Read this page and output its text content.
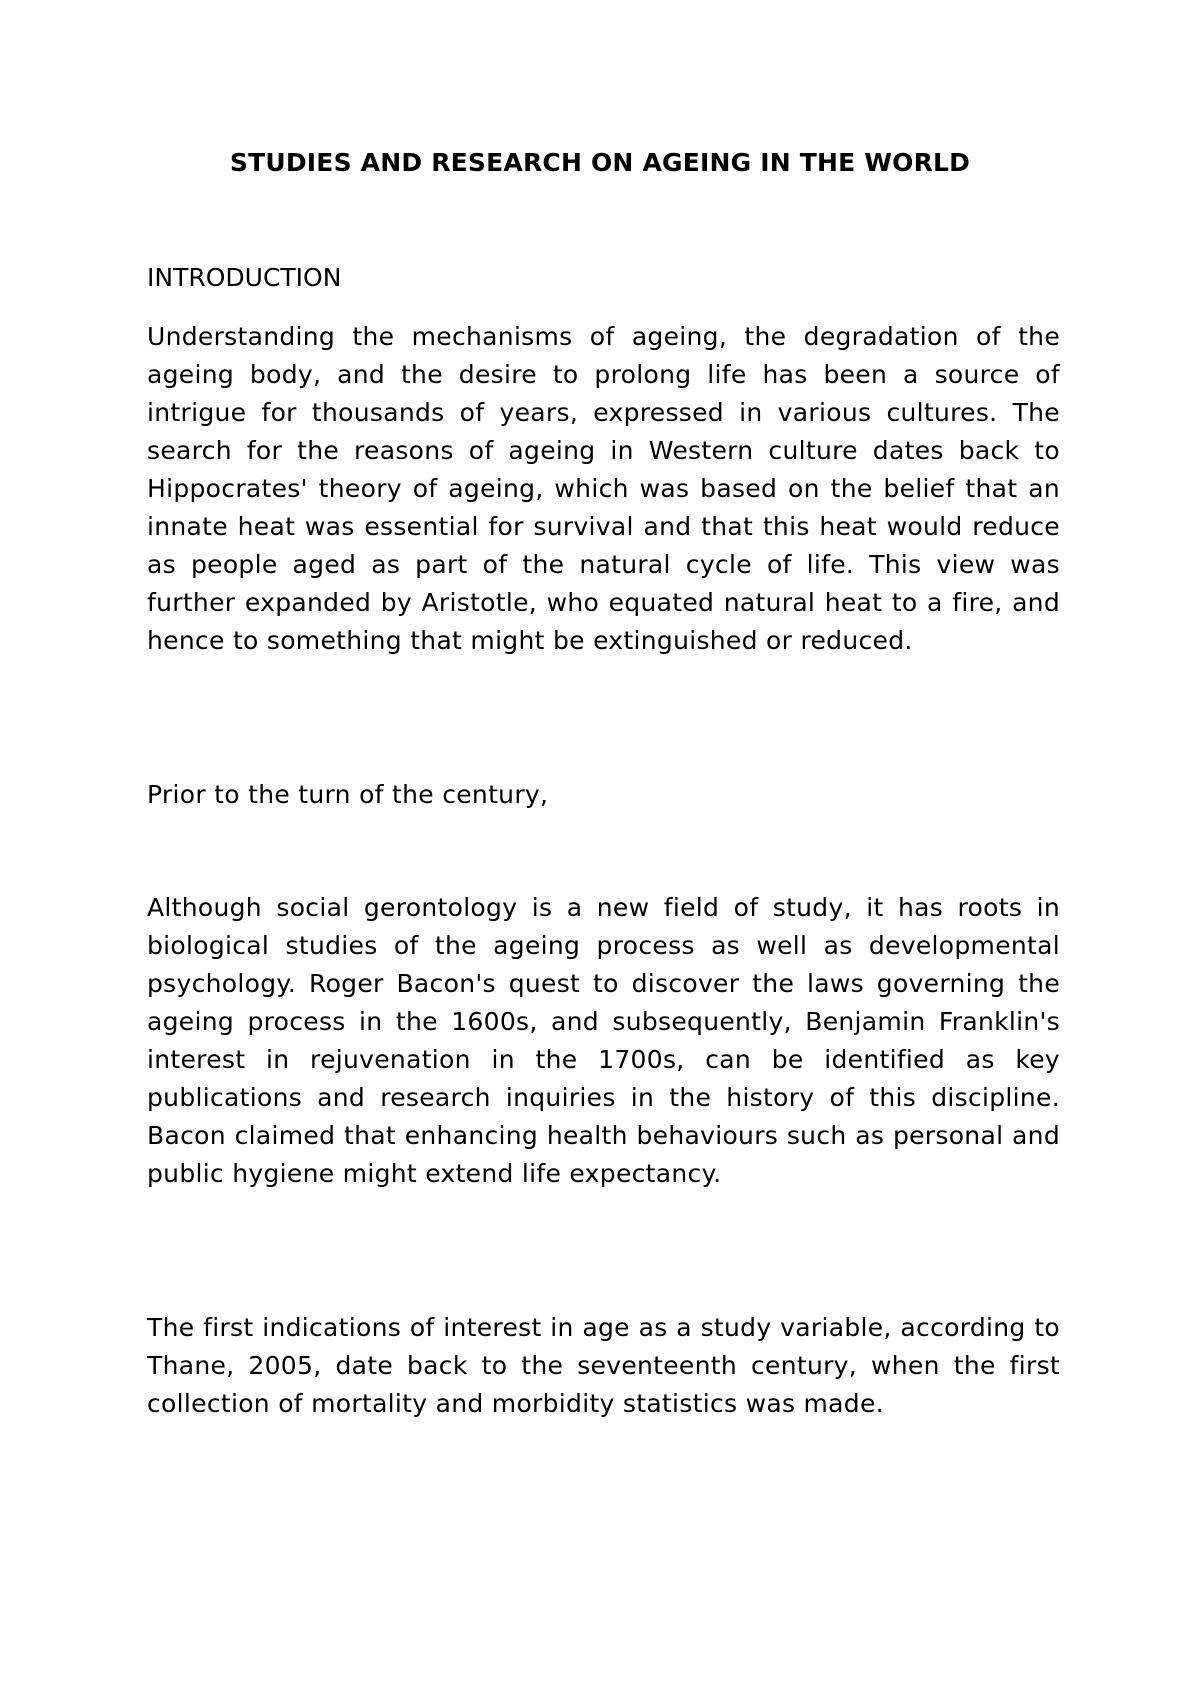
STUDIES AND RESEARCH ON AGEING IN THE WORLD
INTRODUCTION

Understanding the mechanisms of ageing, the degradation of the ageing body, and the desire to prolong life has been a source of intrigue for thousands of years, expressed in various cultures. The search for the reasons of ageing in Western culture dates back to Hippocrates' theory of ageing, which was based on the belief that an innate heat was essential for survival and that this heat would reduce as people aged as part of the natural cycle of life. This view was further expanded by Aristotle, who equated natural heat to a fire, and hence to something that might be extinguished or reduced.

Prior to the turn of the century,

Although social gerontology is a new field of study, it has roots in biological studies of the ageing process as well as developmental psychology. Roger Bacon's quest to discover the laws governing the ageing process in the 1600s, and subsequently, Benjamin Franklin's interest in rejuvenation in the 1700s, can be identified as key publications and research inquiries in the history of this discipline. Bacon claimed that enhancing health behaviours such as personal and public hygiene might extend life expectancy.

The first indications of interest in age as a study variable, according to Thane, 2005, date back to the seventeenth century, when the first collection of mortality and morbidity statistics was made.
